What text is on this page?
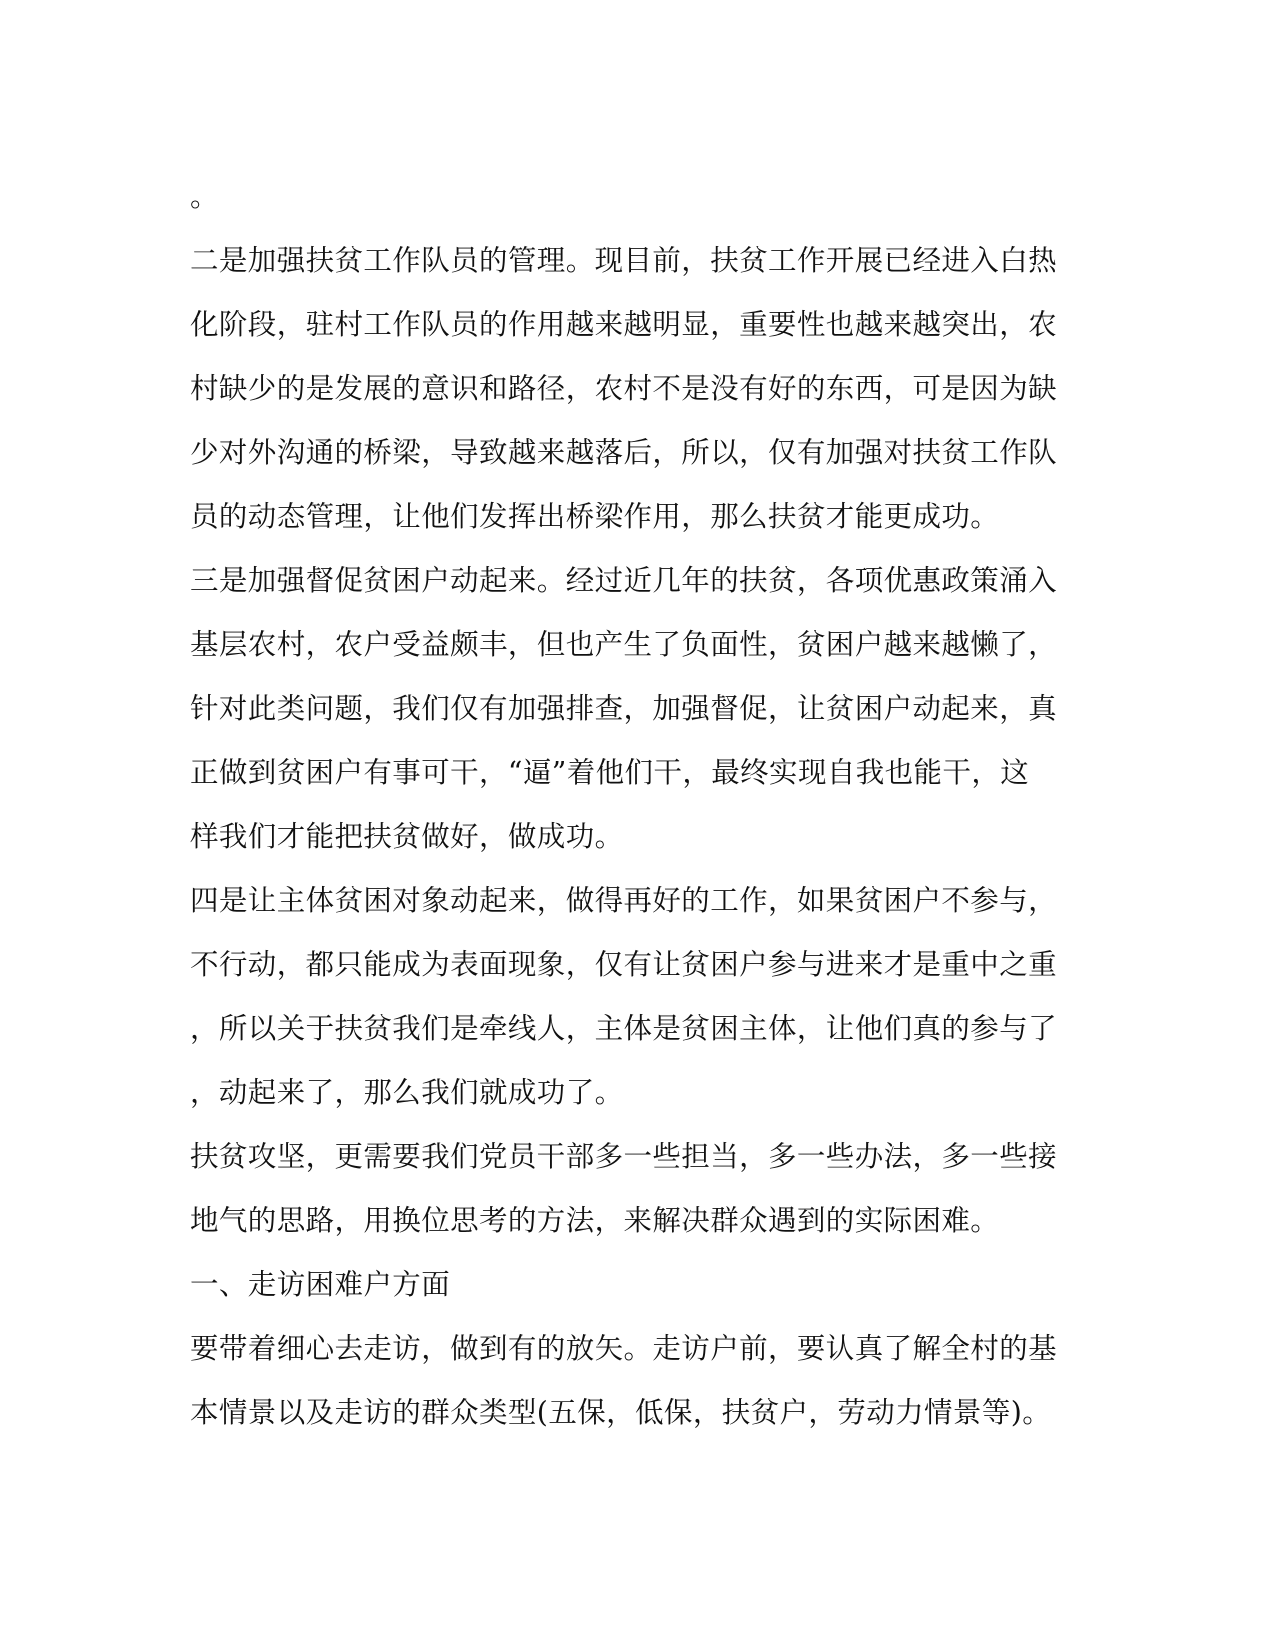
。
二是加强扶贫工作队员的管理。现目前，扶贫工作开展已经进入白热
化阶段，驻村工作队员的作用越来越明显，重要性也越来越突出，农
村缺少的是发展的意识和路径，农村不是没有好的东西，可是因为缺
少对外沟通的桥梁，导致越来越落后，所以，仅有加强对扶贫工作队
员的动态管理，让他们发挥出桥梁作用，那么扶贫才能更成功。
三是加强督促贫困户动起来。经过近几年的扶贫，各项优惠政策涌入
基层农村，农户受益颇丰，但也产生了负面性，贫困户越来越懒了，
针对此类问题，我们仅有加强排查，加强督促，让贫困户动起来，真
正做到贫困户有事可干，“逼”着他们干，最终实现自我也能干，这
样我们才能把扶贫做好，做成功。
四是让主体贫困对象动起来，做得再好的工作，如果贫困户不参与，
不行动，都只能成为表面现象，仅有让贫困户参与进来才是重中之重
，所以关于扶贫我们是牵线人，主体是贫困主体，让他们真的参与了
，动起来了，那么我们就成功了。
扶贫攻坚，更需要我们党员干部多一些担当，多一些办法，多一些接
地气的思路，用换位思考的方法，来解决群众遇到的实际困难。
一、走访困难户方面
要带着细心去走访，做到有的放矢。走访户前，要认真了解全村的基
本情景以及走访的群众类型(五保，低保，扶贫户，劳动力情景等)。
